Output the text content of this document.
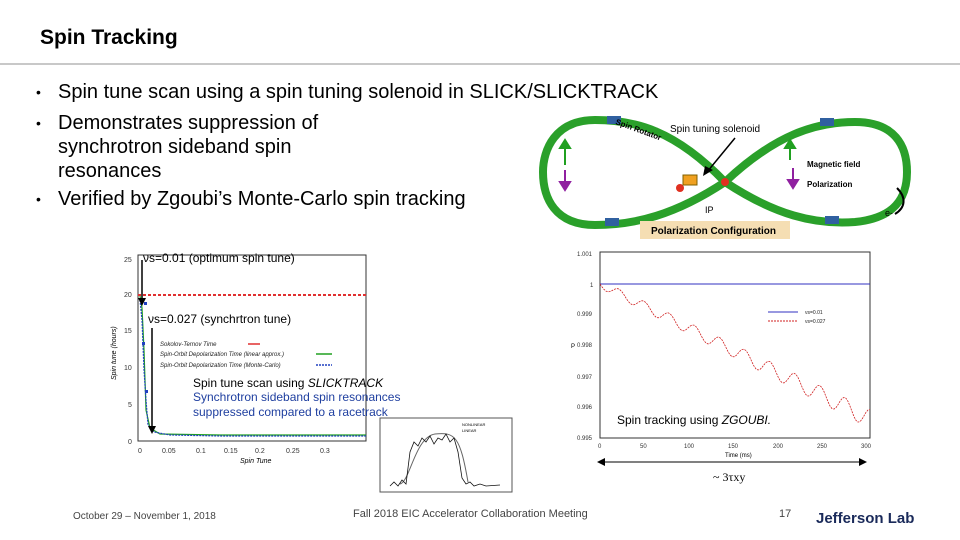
Spin Tracking
• Spin tune scan using a spin tuning solenoid in SLICK/SLICKTRACK
• Demonstrates suppression of synchrotron sideband spin resonances
• Verified by Zgoubi’s Monte-Carlo spin tracking
Spin tuning solenoid
Spin Rotator
Magnetic field
Polarization
IP	e-
Polarization Configuration
0
5
10
15
20
25
0	0.05	0.1	0.15 0.2	0.25	0.3
Spin Tune
Spin tune (hours)	Sokolov-Ternov Time
Spin-Orbit Depolarization Time (linear approx.)
Spin-Orbit Depolarization Time (Monte-Carlo)
1.001
1
0.999
0.998
0.997
0.996
0.995
0	50	100	150	200	250	300
Time (ms)
P
νs=0.01
νs=0.027
NONLINEAR
LINEAR
νs=0.01 (optimum spin tune)
νs=0.027 (synchrtron tune)
Spin tune scan using SLICKTRACK
Synchrotron sideband spin resonances
suppressed compared to a racetrack
Spin tracking using ZGOUBI.
~ 3τxy
October 29 – November 1, 2018	Fall 2018 EIC Accelerator Collaboration Meeting	17 Jefferson Lab
